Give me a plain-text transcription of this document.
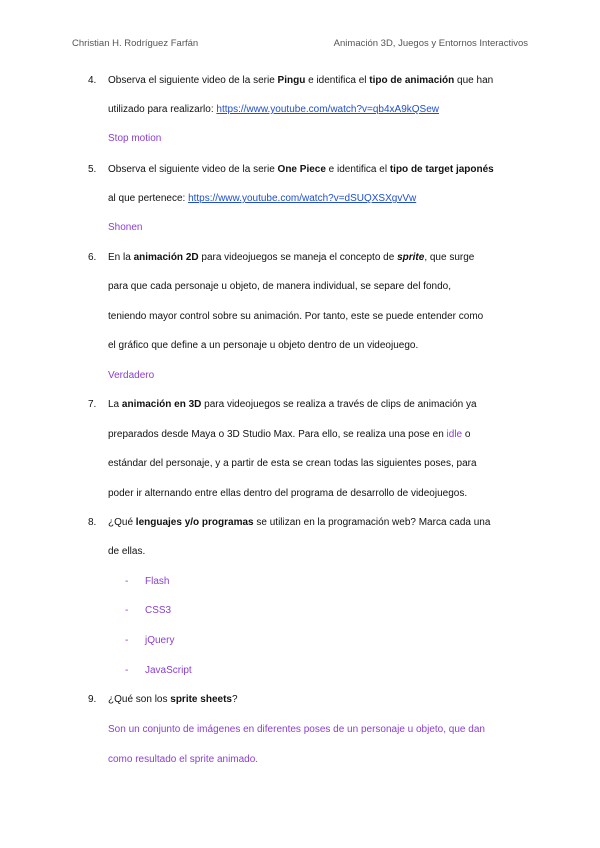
Christian H. Rodríguez Farfán	Animación 3D, Juegos y Entornos Interactivos
4. Observa el siguiente video de la serie Pingu e identifica el tipo de animación que han
utilizado para realizarlo: https://www.youtube.com/watch?v=qb4xA9kQSew
Stop motion
5. Observa el siguiente video de la serie One Piece e identifica el tipo de target japonés
al que pertenece: https://www.youtube.com/watch?v=dSUQXSXgvVw
Shonen
6. En la animación 2D para videojuegos se maneja el concepto de sprite, que surge
para que cada personaje u objeto, de manera individual, se separe del fondo,
teniendo mayor control sobre su animación. Por tanto, este se puede entender como
el gráfico que define a un personaje u objeto dentro de un videojuego.
Verdadero
7. La animación en 3D para videojuegos se realiza a través de clips de animación ya
preparados desde Maya o 3D Studio Max. Para ello, se realiza una pose en idle o
estándar del personaje, y a partir de esta se crean todas las siguientes poses, para
poder ir alternando entre ellas dentro del programa de desarrollo de videojuegos.
8. ¿Qué lenguajes y/o programas se utilizan en la programación web? Marca cada una
de ellas.
- Flash
- CSS3
- jQuery
- JavaScript
9. ¿Qué son los sprite sheets?
Son un conjunto de imágenes en diferentes poses de un personaje u objeto, que dan
como resultado el sprite animado.
